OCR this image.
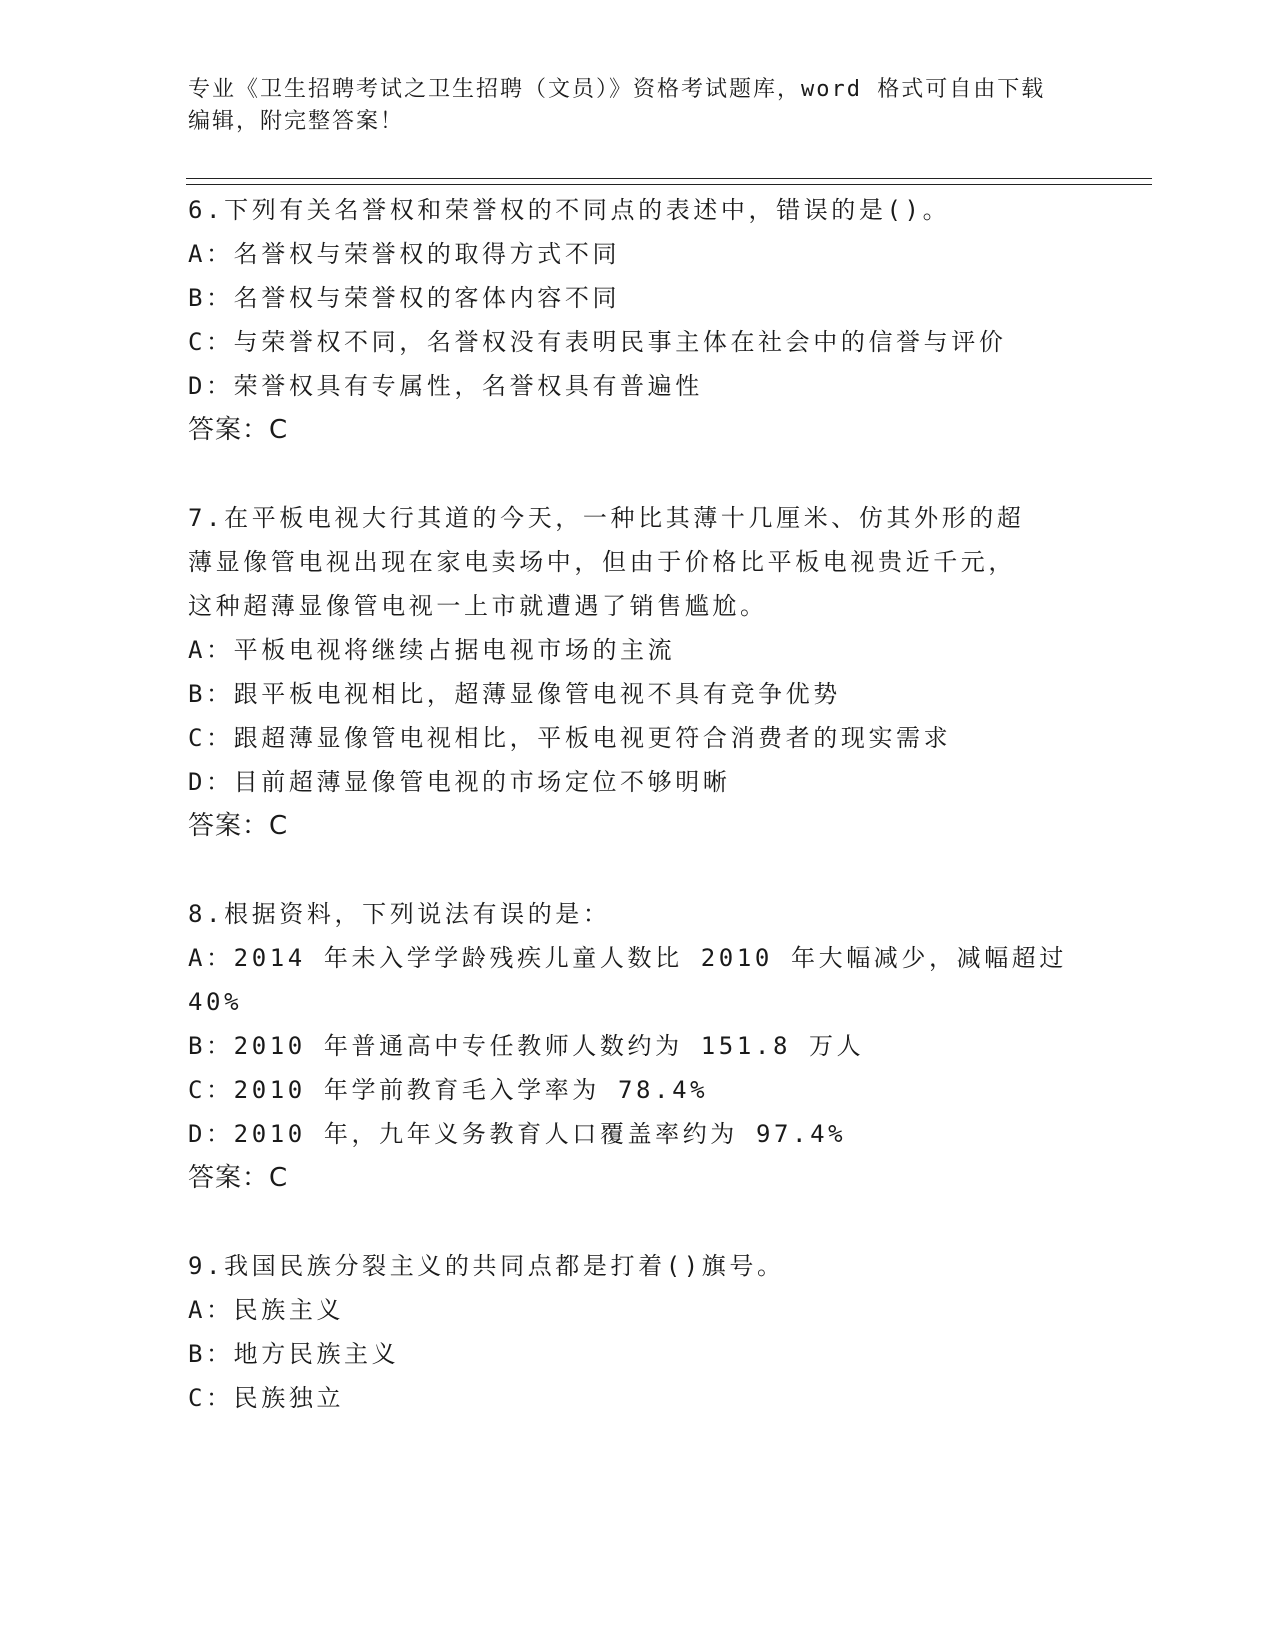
专业《卫生招聘考试之卫生招聘（文员）》资格考试题库，word 格式可自由下载
编辑，附完整答案！
6.下列有关名誉权和荣誉权的不同点的表述中，错误的是()。
A：名誉权与荣誉权的取得方式不同
B：名誉权与荣誉权的客体内容不同
C：与荣誉权不同，名誉权没有表明民事主体在社会中的信誉与评价
D：荣誉权具有专属性，名誉权具有普遍性
答案：C
7.在平板电视大行其道的今天，一种比其薄十几厘米、仿其外形的超
薄显像管电视出现在家电卖场中，但由于价格比平板电视贵近千元，
这种超薄显像管电视一上市就遭遇了销售尴尬。
A：平板电视将继续占据电视市场的主流
B：跟平板电视相比，超薄显像管电视不具有竞争优势
C：跟超薄显像管电视相比，平板电视更符合消费者的现实需求
D：目前超薄显像管电视的市场定位不够明晰
答案：C
8.根据资料，下列说法有误的是：
A：2014 年未入学学龄残疾儿童人数比 2010 年大幅减少，减幅超过
40%
B：2010 年普通高中专任教师人数约为 151.8 万人
C：2010 年学前教育毛入学率为 78.4%
D：2010 年，九年义务教育人口覆盖率约为 97.4%
答案：C
9.我国民族分裂主义的共同点都是打着()旗号。
A：民族主义
B：地方民族主义
C：民族独立
